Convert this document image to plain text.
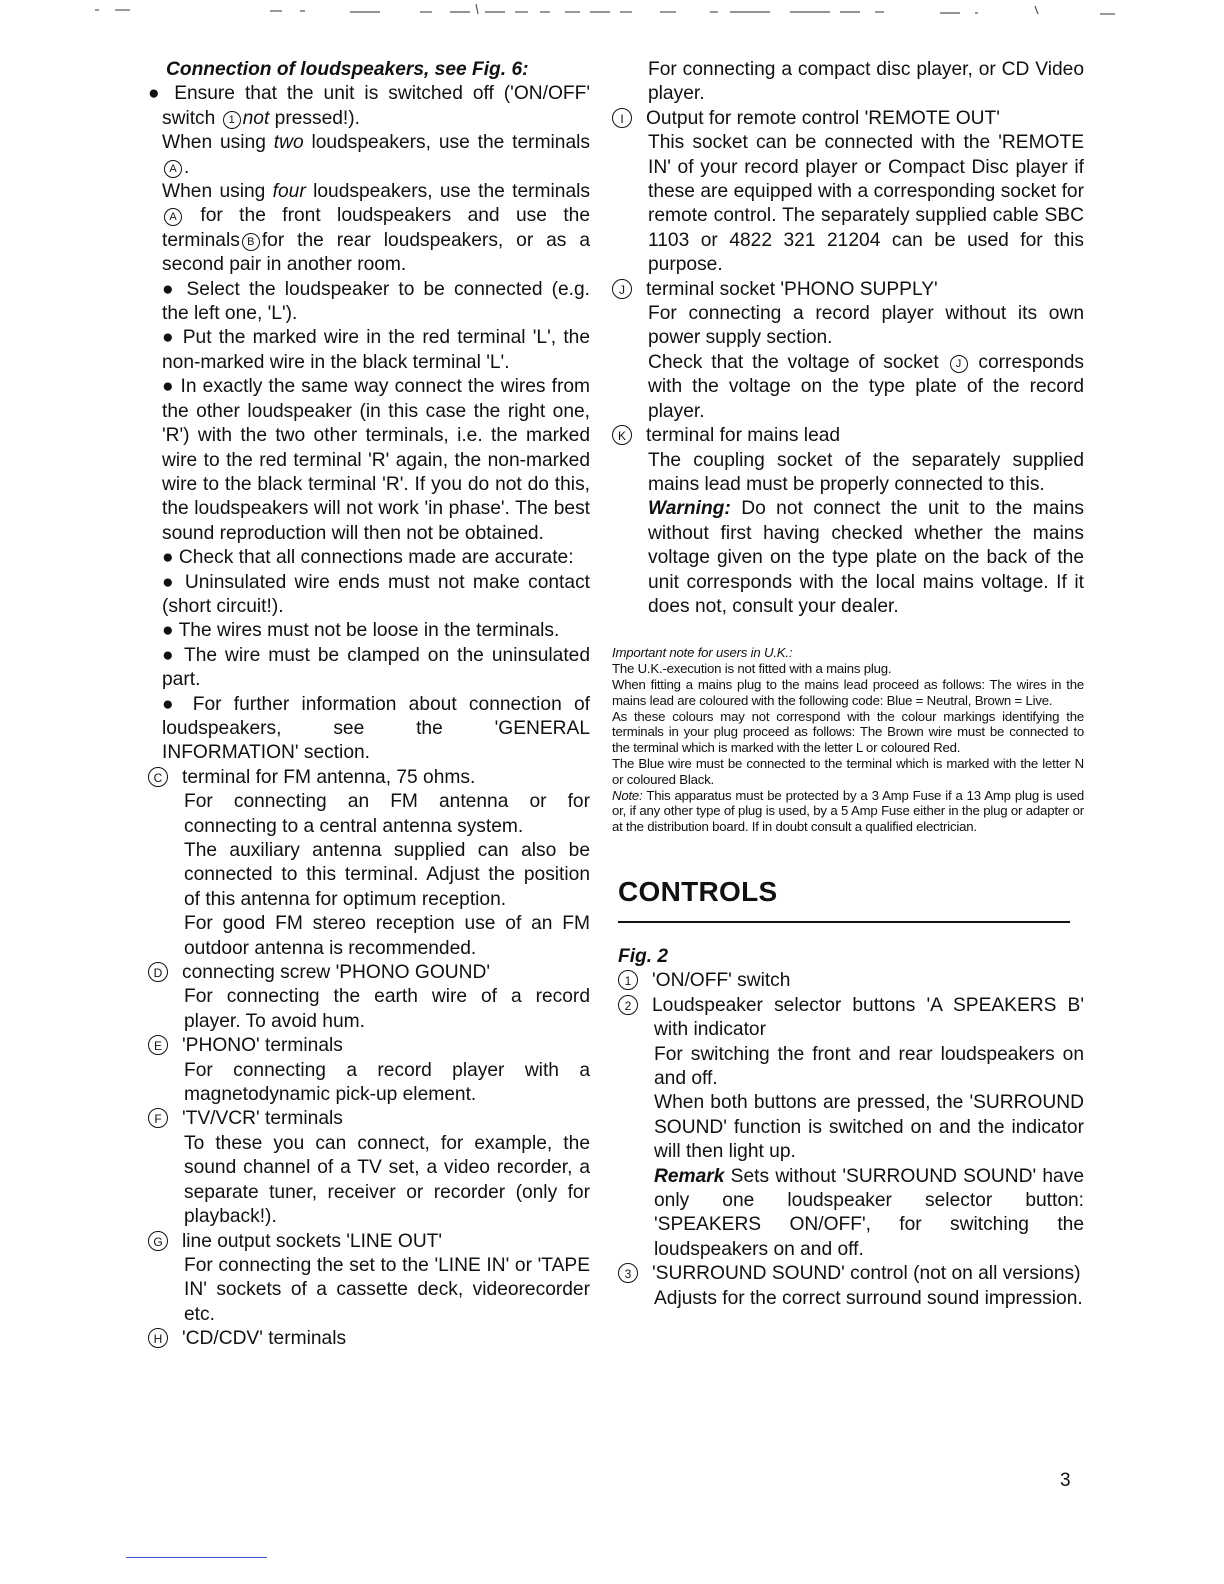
Connection of loudspeakers, see Fig. 6:

● Ensure that the unit is switched off ('ON/OFF' switch 1 not pressed!).

When using two loudspeakers, use the terminals A .

When using four loudspeakers, use the terminals A for the front loudspeakers and use the terminals B for the rear loudspeakers, or as a second pair in another room.

● Select the loudspeaker to be connected (e.g. the left one, 'L').

● Put the marked wire in the red terminal 'L', the non-marked wire in the black terminal 'L'.

● In exactly the same way connect the wires from the other loudspeaker (in this case the right one, 'R') with the two other terminals, i.e. the marked wire to the red terminal 'R' again, the non-marked wire to the black terminal 'R'. If you do not do this, the loudspeakers will not work 'in phase'. The best sound reproduction will then not be obtained.

● Check that all connections made are accurate:

● Uninsulated wire ends must not make contact (short circuit!).

● The wires must not be loose in the terminals.

● The wire must be clamped on the uninsulated part.

● For further information about connection of loudspeakers, see the 'GENERAL INFORMATION' section.

C terminal for FM antenna, 75 ohms.

For connecting an FM antenna or for connecting to a central antenna system.

The auxiliary antenna supplied can also be connected to this terminal. Adjust the position of this antenna for optimum reception.

For good FM stereo reception use of an FM outdoor antenna is recommended.

D connecting screw 'PHONO GOUND'

For connecting the earth wire of a record player. To avoid hum.

E 'PHONO' terminals

For connecting a record player with a magnetodynamic pick-up element.

F 'TV/VCR' terminals

To these you can connect, for example, the sound channel of a TV set, a video recorder, a separate tuner, receiver or recorder (only for playback!).

G line output sockets 'LINE OUT'

For connecting the set to the 'LINE IN' or 'TAPE IN' sockets of a cassette deck, videorecorder etc.

H 'CD/CDV' terminals

For connecting a compact disc player, or CD Video player.

I Output for remote control 'REMOTE OUT'

This socket can be connected with the 'REMOTE IN' of your record player or Compact Disc player if these are equipped with a corresponding socket for remote control. The separately supplied cable SBC 1103 or 4822 321 21204 can be used for this purpose.

J terminal socket 'PHONO SUPPLY'

For connecting a record player without its own power supply section.

Check that the voltage of socket J corresponds with the voltage on the type plate of the record player.

K terminal for mains lead

The coupling socket of the separately supplied mains lead must be properly connected to this.

Warning: Do not connect the unit to the mains without first having checked whether the mains voltage given on the type plate on the back of the unit corresponds with the local mains voltage. If it does not, consult your dealer.

Important note for users in U.K.:

The U.K.-execution is not fitted with a mains plug.

When fitting a mains plug to the mains lead proceed as follows: The wires in the mains lead are coloured with the following code: Blue = Neutral, Brown = Live.

As these colours may not correspond with the colour markings identifying the terminals in your plug proceed as follows: The Brown wire must be connected to the terminal which is marked with the letter L or coloured Red.

The Blue wire must be connected to the terminal which is marked with the letter N or coloured Black.

Note: This apparatus must be protected by a 3 Amp Fuse if a 13 Amp plug is used or, if any other type of plug is used, by a 5 Amp Fuse either in the plug or adapter or at the distribution board. If in doubt consult a qualified electrician.

CONTROLS

Fig. 2

1 'ON/OFF' switch

2 Loudspeaker selector buttons 'A SPEAKERS B' with indicator

For switching the front and rear loudspeakers on and off.

When both buttons are pressed, the 'SURROUND SOUND' function is switched on and the indicator will then light up.

Remark Sets without 'SURROUND SOUND' have only one loudspeaker selector button: 'SPEAKERS ON/OFF', for switching the loudspeakers on and off.

3 'SURROUND SOUND' control (not on all versions)

Adjusts for the correct surround sound impression.

3
